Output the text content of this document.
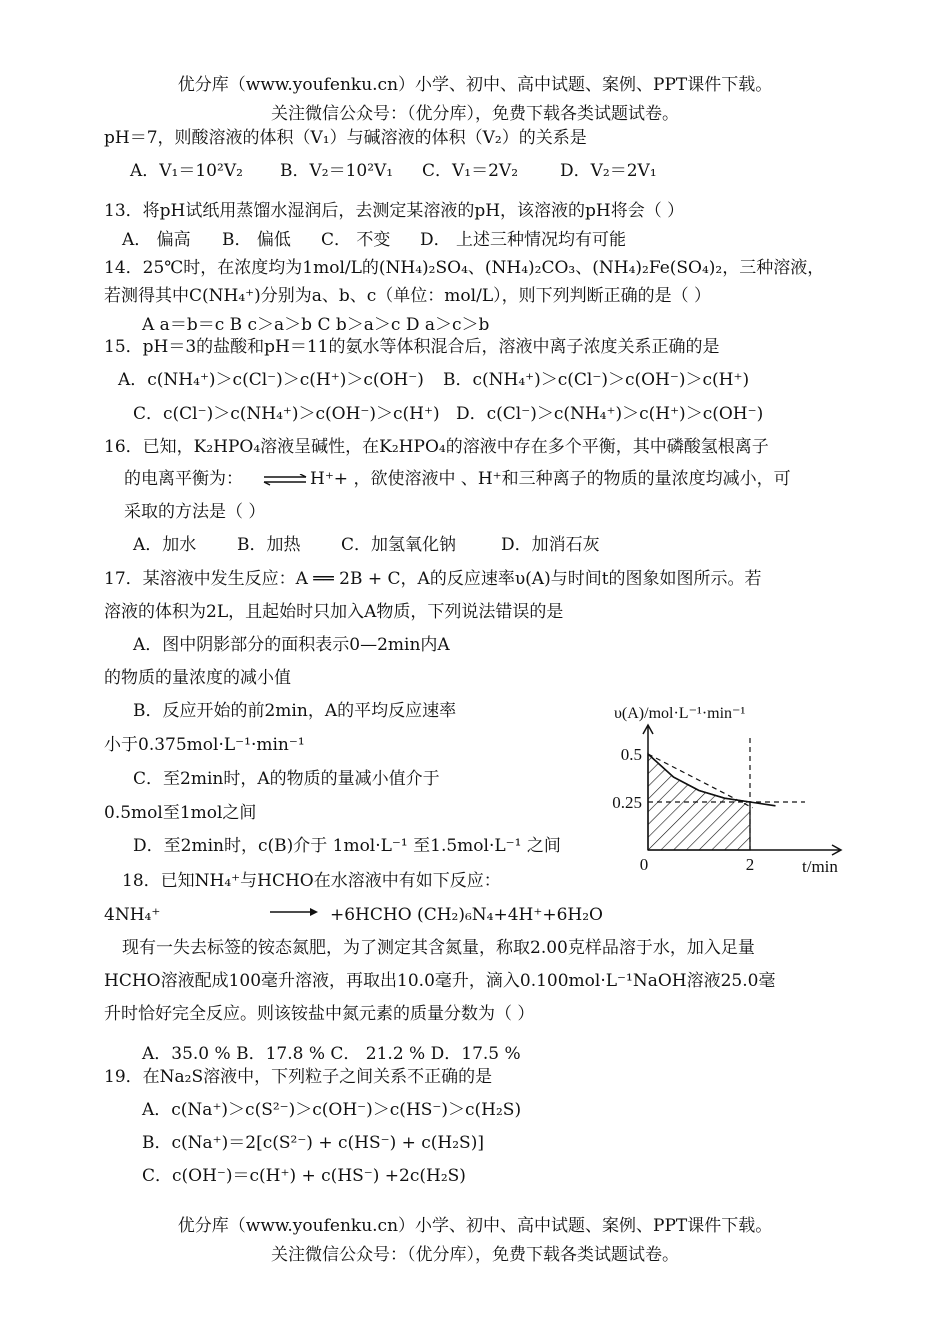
优分库（www.youfenku.cn）小学、初中、高中试题、案例、PPT课件下载。
关注微信公众号：（优分库），免费下载各类试题试卷。
pH＝7，则酸溶液的体积（V₁）与碱溶液的体积（V₂）的关系是
A．V₁＝10²V₂ B．V₂＝10²V₁ C．V₁＝2V₂ D．V₂＝2V₁
13．将pH试纸用蒸馏水湿润后，去测定某溶液的pH，该溶液的pH将会（ ）
A． 偏高 B． 偏低 C． 不变 D． 上述三种情况均有可能
14．25℃时，在浓度均为1mol/L的(NH₄)₂SO₄、(NH₄)₂CO₃、(NH₄)₂Fe(SO₄)₂，三种溶液，
若测得其中C(NH₄⁺)分别为a、b、c（单位：mol/L），则下列判断正确的是（ ）
A a＝b＝c B c＞a＞b C b＞a＞c D a＞c＞b
15．pH＝3的盐酸和pH＝11的氨水等体积混合后，溶液中离子浓度关系正确的是
A．c(NH₄⁺)＞c(Cl⁻)＞c(H⁺)＞c(OH⁻) B．c(NH₄⁺)＞c(Cl⁻)＞c(OH⁻)＞c(H⁺)
C．c(Cl⁻)＞c(NH₄⁺)＞c(OH⁻)＞c(H⁺) D．c(Cl⁻)＞c(NH₄⁺)＞c(H⁺)＞c(OH⁻)
16．已知，K₂HPO₄溶液呈碱性，在K₂HPO₄的溶液中存在多个平衡，其中磷酸氢根离子
的电离平衡为： ⇌ H⁺+ ，欲使溶液中 、H⁺和三种离子的物质的量浓度均减小，可
采取的方法是（ ）
A．加水 B．加热 C．加氢氧化钠	D．加消石灰
17．某溶液中发生反应：A ══ 2B + C，A的反应速率υ(A)与时间t的图象如图所示。若
溶液的体积为2L，且起始时只加入A物质，下列说法错误的是
A．图中阴影部分的面积表示0—2min内A
的物质的量浓度的减小值
B．反应开始的前2min，A的平均反应速率
小于0.375mol·L⁻¹·min⁻¹
C．至2min时，A的物质的量减小值介于
0.5mol至1mol之间
D．至2min时，c(B)介于 1mol·L⁻¹ 至1.5mol·L⁻¹ 之间
υ(A)/mol·L⁻¹·min⁻¹
0.5
0.25
0	2	t/min
18．已知NH₄⁺与HCHO在水溶液中有如下反应：
4NH₄⁺	→ +6HCHO (CH₂)₆N₄+4H⁺+6H₂O
现有一失去标签的铵态氮肥，为了测定其含氮量，称取2.00克样品溶于水，加入足量
HCHO溶液配成100毫升溶液，再取出10.0毫升，滴入0.100mol·L⁻¹NaOH溶液25.0毫
升时恰好完全反应。则该铵盐中氮元素的质量分数为（ ）
A．35.0 % B．17.8 % C． 21.2 % D．17.5 %
19．在Na₂S溶液中，下列粒子之间关系不正确的是
A．c(Na⁺)＞c(S²⁻)＞c(OH⁻)＞c(HS⁻)＞c(H₂S)
B．c(Na⁺)＝2[c(S²⁻) + c(HS⁻) + c(H₂S)]
C．c(OH⁻)＝c(H⁺) + c(HS⁻) +2c(H₂S)
优分库（www.youfenku.cn）小学、初中、高中试题、案例、PPT课件下载。
关注微信公众号：（优分库），免费下载各类试题试卷。
